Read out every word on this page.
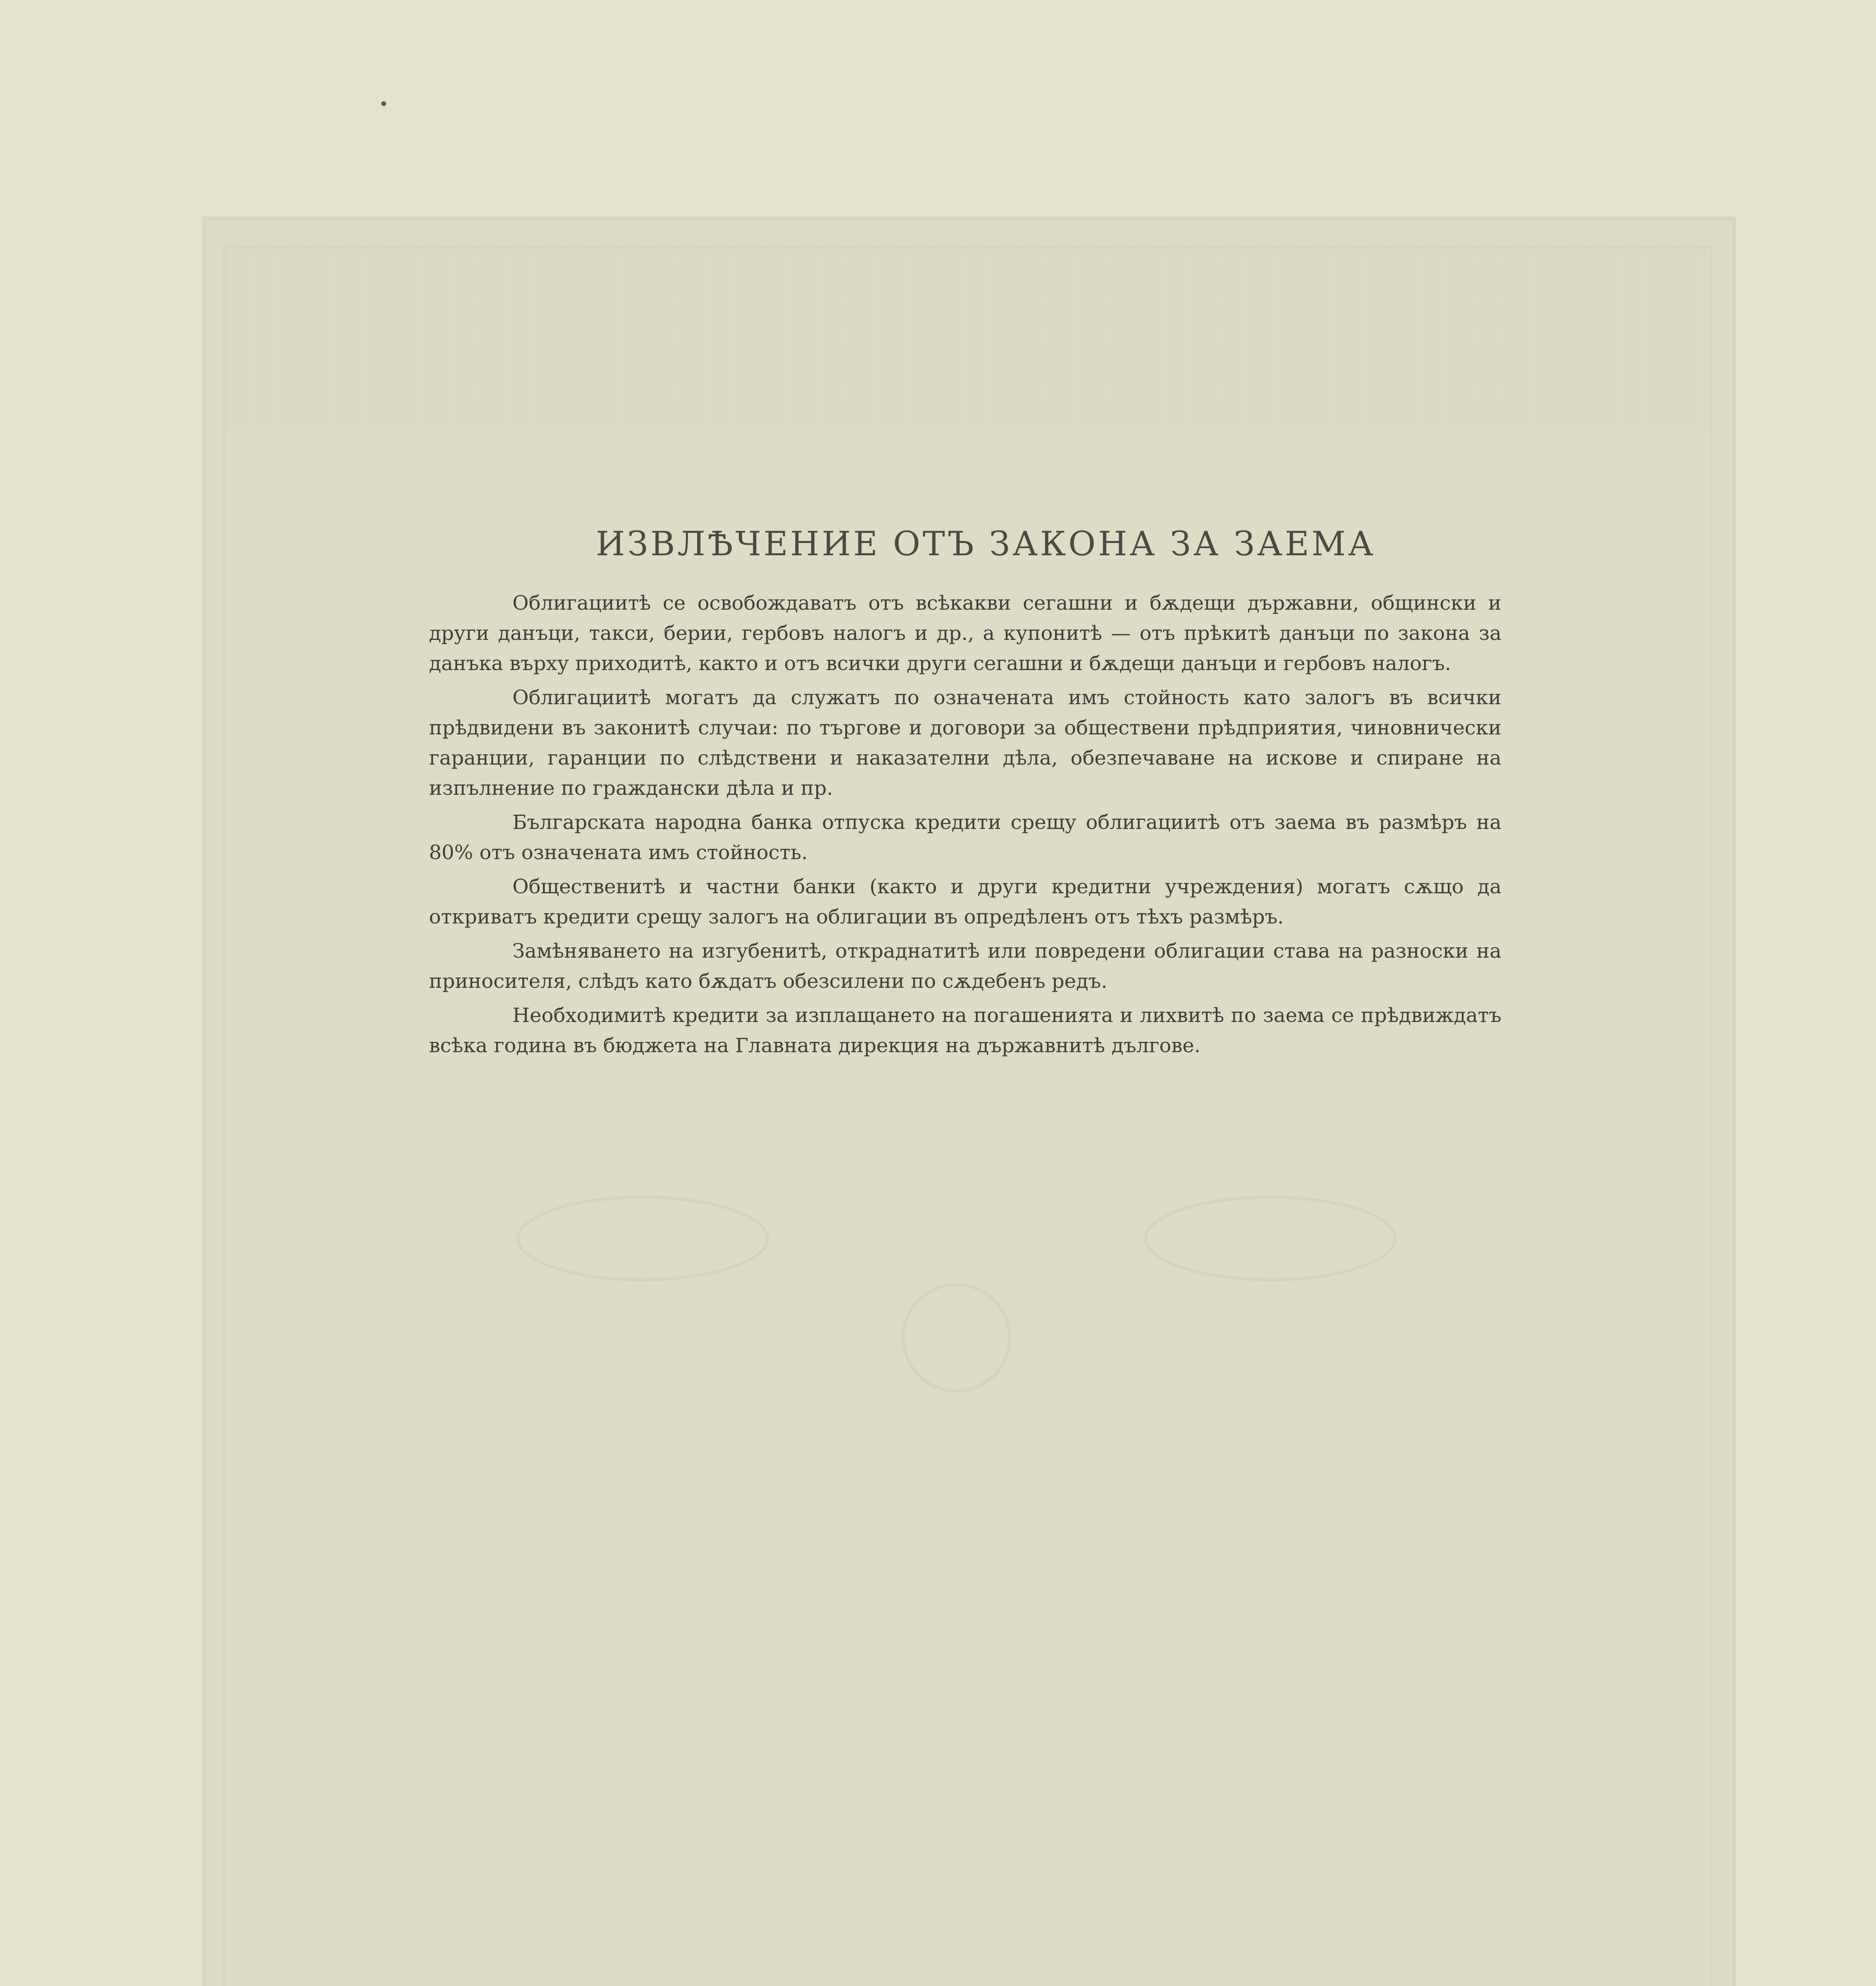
ИЗВЛѢЧЕНИЕ ОТЪ ЗАКОНА ЗА ЗАЕМА

Облигациитѣ се освобождаватъ отъ всѣкакви сегашни и бѫдещи държавни, общински и други данъци, такси, берии, гербовъ налогъ и др., а купонитѣ — отъ прѣкитѣ данъци по закона за данъка върху приходитѣ, както и отъ всички други сегашни и бѫдещи данъци и гербовъ налогъ.

Облигациитѣ могатъ да служатъ по означената имъ стойность като залогъ въ всички прѣдвидени въ законитѣ случаи: по търгове и договори за обществени прѣдприятия, чиновнически гаранции, гаранции по слѣдствени и наказателни дѣла, обезпечаване на искове и спиране на изпълнение по граждански дѣла и пр.

Българската народна банка отпуска кредити срещу облигациитѣ отъ заема въ размѣръ на 80% отъ означената имъ стойность.

Общественитѣ и частни банки (както и други кредитни учреждения) могатъ сѫщо да откриватъ кредити срещу залогъ на облигации въ опредѣленъ отъ тѣхъ размѣръ.

Замѣняването на изгубенитѣ, откраднатитѣ или повредени облигации става на разноски на приносителя, слѣдъ като бѫдатъ обезсилени по сѫдебенъ редъ.

Необходимитѣ кредити за изплащането на погашенията и лихвитѣ по заема се прѣдвиждатъ всѣка година въ бюджета на Главната дирекция на държавнитѣ дългове.
